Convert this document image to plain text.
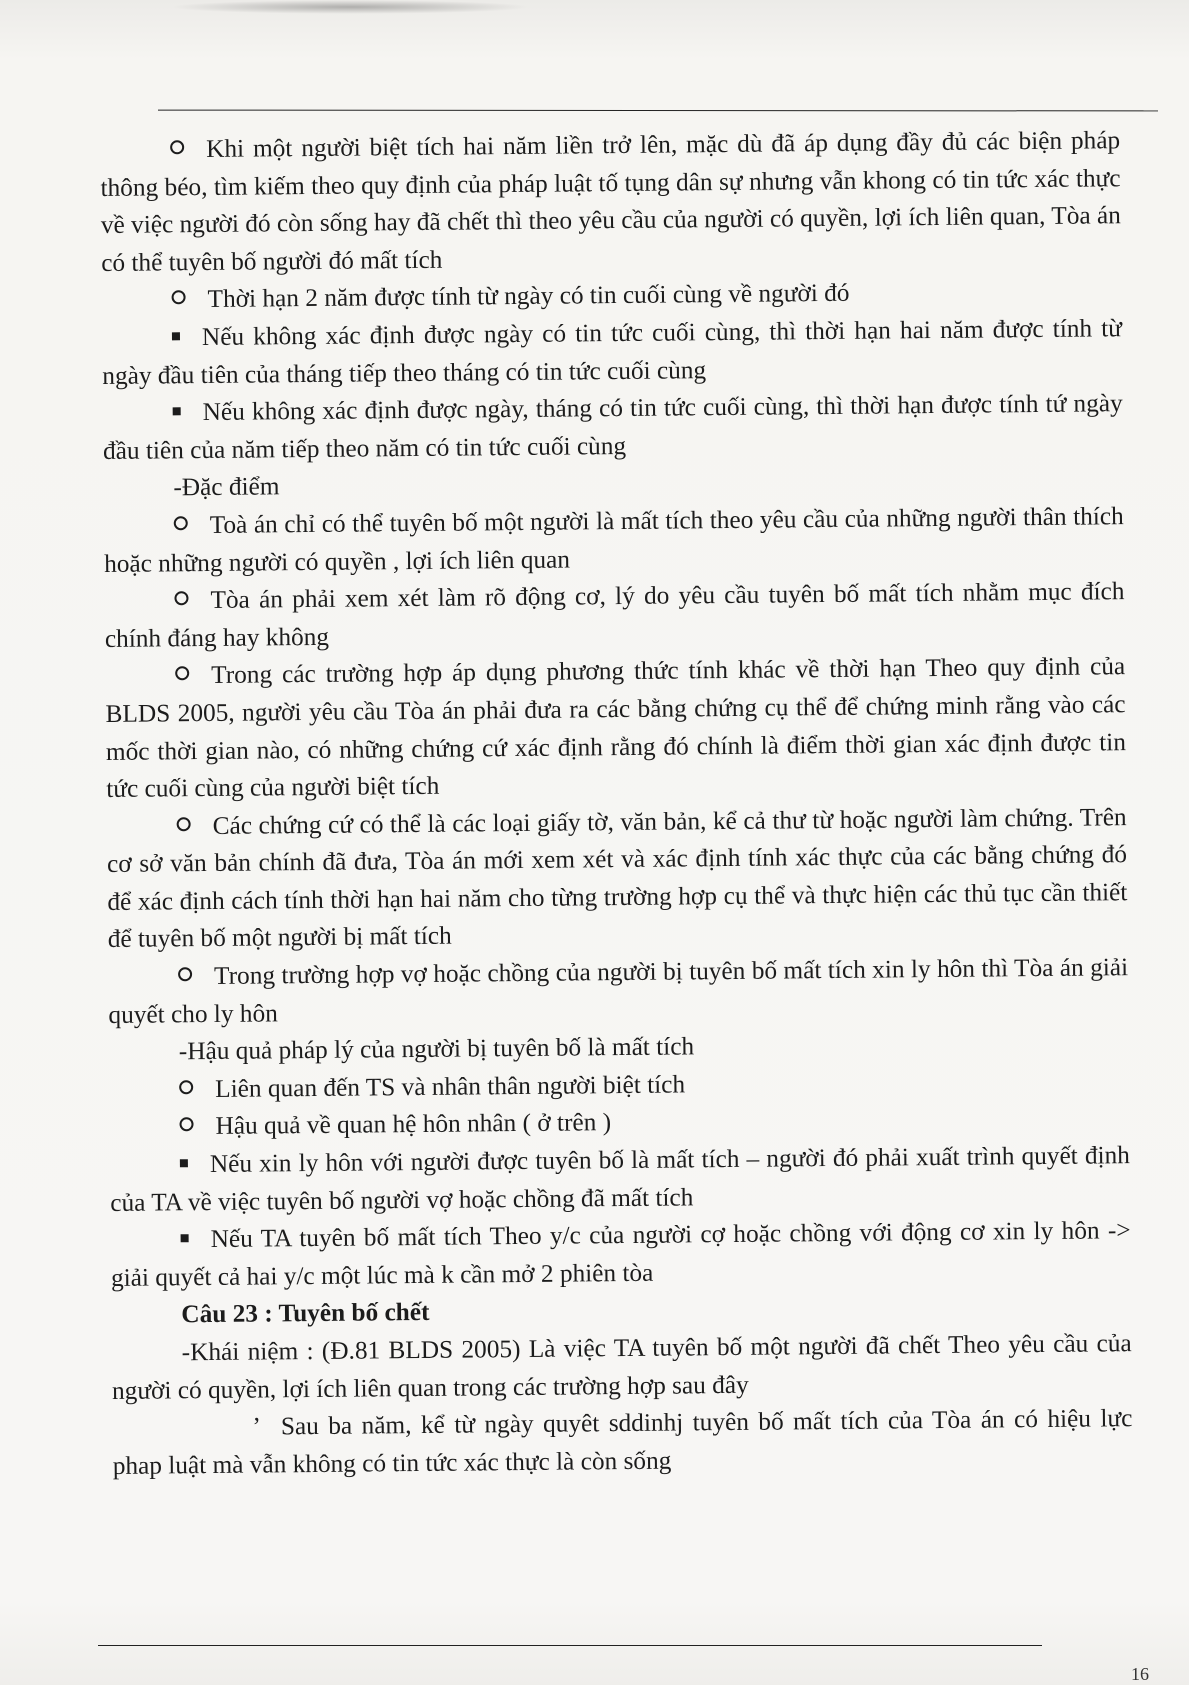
Khi một người biệt tích hai năm liền trở lên, mặc dù đã áp dụng đầy đủ các biện pháp thông béo, tìm kiếm theo quy định của pháp luật tố tụng dân sự nhưng vẫn khong có tin tức xác thực về việc người đó còn sống hay đã chết thì theo yêu cầu của người có quyền, lợi ích liên quan, Tòa án có thể tuyên bố người đó mất tích

Thời hạn 2 năm được tính từ ngày có tin cuối cùng về người đó

Nếu không xác định được ngày có tin tức cuối cùng, thì thời hạn hai năm được tính từ ngày đầu tiên của tháng tiếp theo tháng có tin tức cuối cùng

Nếu không xác định được ngày, tháng có tin tức cuối cùng, thì thời hạn được tính tứ ngày đầu tiên của năm tiếp theo năm có tin tức cuối cùng

-Đặc điểm

Toà án chỉ có thể tuyên bố một người là mất tích theo yêu cầu của những người thân thích hoặc những người có quyền , lợi ích liên quan

Tòa án phải xem xét làm rõ động cơ, lý do yêu cầu tuyên bố mất tích nhằm mục đích chính đáng hay không

Trong các trường hợp áp dụng phương thức tính khác về thời hạn Theo quy định của BLDS 2005, người yêu cầu Tòa án phải đưa ra các bằng chứng cụ thể để chứng minh rằng vào các mốc thời gian nào, có những chứng cứ xác định rằng đó chính là điểm thời gian xác định được tin tức cuối cùng của người biệt tích

Các chứng cứ có thể là các loại giấy tờ, văn bản, kể cả thư từ hoặc người làm chứng. Trên cơ sở văn bản chính đã đưa, Tòa án mới xem xét và xác định tính xác thực của các bằng chứng đó để xác định cách tính thời hạn hai năm cho từng trường hợp cụ thể và thực hiện các thủ tục cần thiết để tuyên bố một người bị mất tích

Trong trường hợp vợ hoặc chồng của người bị tuyên bố mất tích xin ly hôn thì Tòa án giải quyết cho ly hôn

-Hậu quả pháp lý của người bị tuyên bố là mất tích

Liên quan đến TS và nhân thân người biệt tích

Hậu quả về quan hệ hôn nhân ( ở trên )

Nếu xin ly hôn với người được tuyên bố là mất tích – người đó phải xuất trình quyết định của TA về việc tuyên bố người vợ hoặc chồng đã mất tích

Nếu TA tuyên bố mất tích Theo y/c của người cợ hoặc chồng với động cơ xin ly hôn -> giải quyết cả hai y/c một lúc mà k cần mở 2 phiên tòa

Câu 23 : Tuyên bố chết

-Khái niệm : (Đ.81 BLDS 2005) Là việc TA tuyên bố một người đã chết Theo yêu cầu của người có quyền, lợi ích liên quan trong các trường hợp sau đây

ʼ Sau ba năm, kể từ ngày quyêt sddinhj tuyên bố mất tích của Tòa án có hiệu lực phap luật mà vẫn không có tin tức xác thực là còn sống

16
